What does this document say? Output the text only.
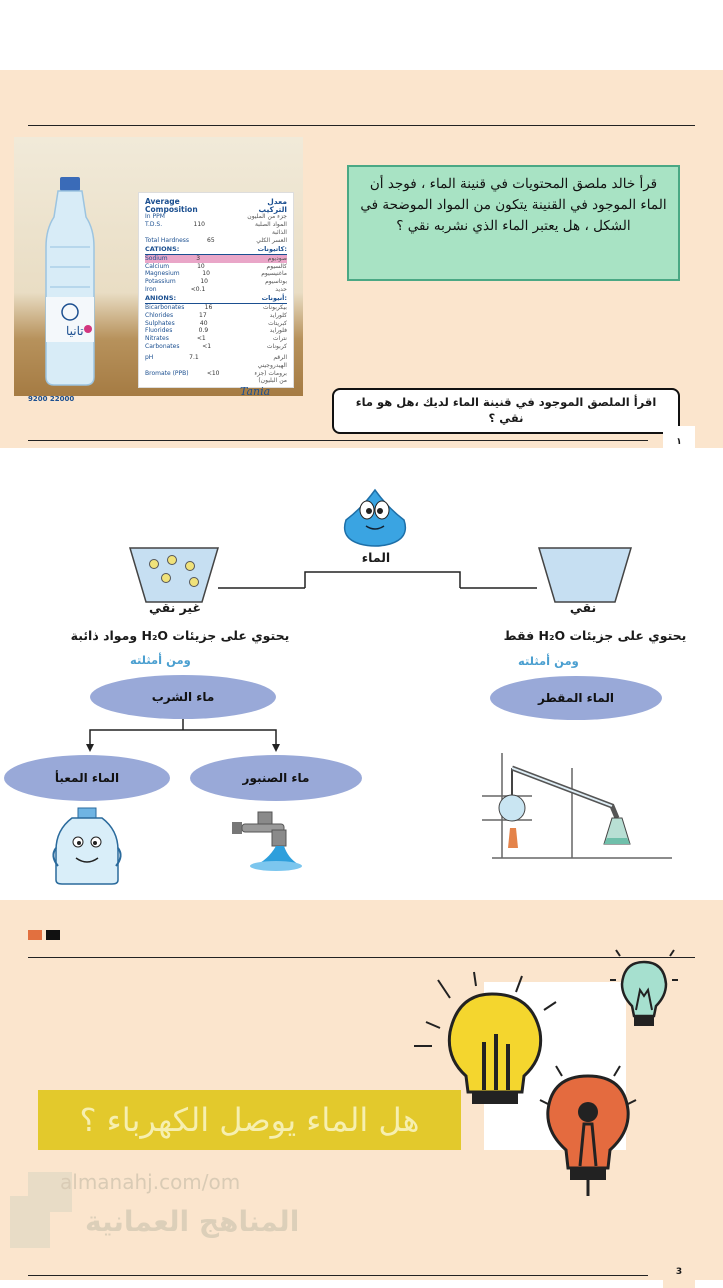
تانيا
Average Composition
معدل التركيب
In PPM	جزء من المليون
T.D.S.	110	المواد الصلبة الذائبة
Total Hardness	65	العسر الكلي
CATIONS:	كاتيونات:
Sodium	3	صوديوم
Calcium	10	كالسيوم
Magnesium	10	ماغنيسيوم
Potassium	10	بوتاسيوم
Iron	<0.1	حديد
ANIONS:	أنيونات:
Bicarbonates	16	بيكربونات
Chlorides	17	كلورايد
Sulphates	40	كبريتات
Fluorides	0.9	فلورايد
Nitrates	<1	نترات
Carbonates	<1	كربونات
pH	7.1	الرقم الهيدروجيني
Bromate (PPB)	<10	برومات (جزء من البليون)
9200 22000
Tania
قرأ خالد ملصق المحتويات في قنينة الماء ، فوجد أن الماء الموجود في القنينة يتكون من المواد الموضحة في الشكل ، هل يعتبر الماء الذي نشربه نقي ؟
اقرأ الملصق الموجود في قنينة الماء لديك ،هل هو ماء نقي ؟
١
الماء
غير نقي	نقي
يحتوي على جزيئات H₂O ومواد ذائبة	يحتوي على جزيئات H₂O فقط
ومن أمثلته	ومن أمثلته
ماء الشرب	الماء المقطر
الماء المعبأ	ماء الصنبور
هل الماء يوصل الكهرباء ؟
almanahj.com/om
المناهج العمانية
3
